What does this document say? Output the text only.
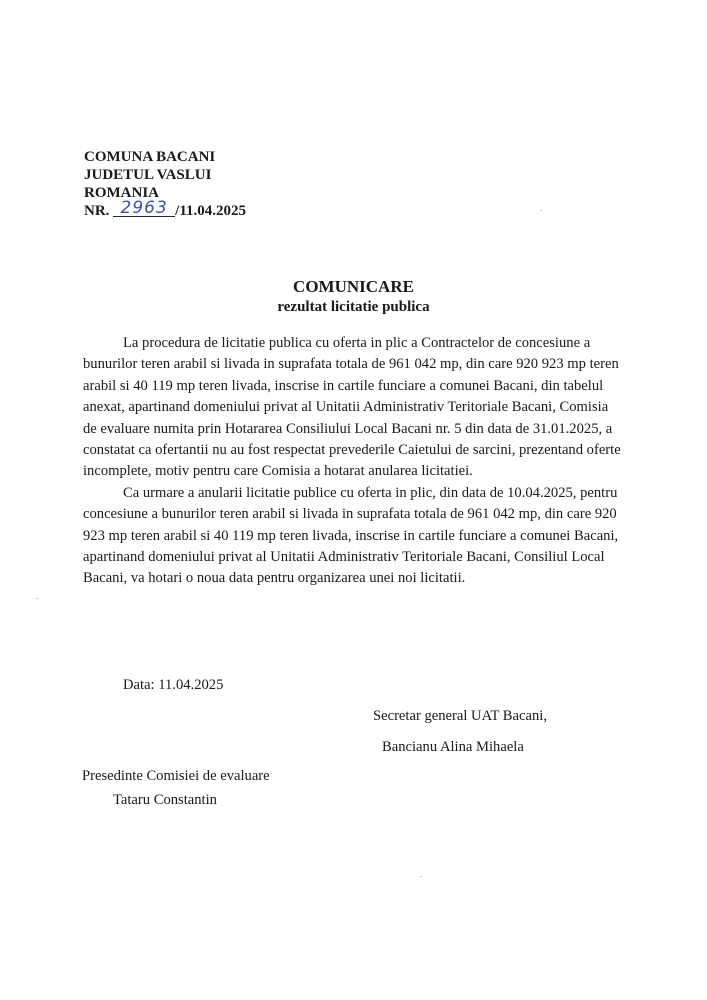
COMUNA BACANI
JUDETUL VASLUI
ROMANIA
NR. 2963 /11.04.2025
COMUNICARE
rezultat licitatie publica

La procedura de licitatie publica cu oferta in plic a Contractelor de concesiune a bunurilor teren arabil si livada in suprafata totala de 961 042 mp, din care 920 923 mp teren arabil si 40 119 mp teren livada, inscrise in cartile funciare a comunei Bacani, din tabelul anexat, apartinand domeniului privat al Unitatii Administrativ Teritoriale Bacani, Comisia de evaluare numita prin Hotararea Consiliului Local Bacani nr. 5 din data de 31.01.2025, a constatat ca ofertantii nu au fost respectat prevederile Caietului de sarcini, prezentand oferte incomplete, motiv pentru care Comisia a hotarat anularea licitatiei.

Ca urmare a anularii licitatie publice cu oferta in plic, din data de 10.04.2025, pentru concesiune a bunurilor teren arabil si livada in suprafata totala de 961 042 mp, din care 920 923 mp teren arabil si 40 119 mp teren livada, inscrise in cartile funciare a comunei Bacani, apartinand domeniului privat al Unitatii Administrativ Teritoriale Bacani, Consiliul Local Bacani, va hotari o noua data pentru organizarea unei noi licitatii.

Data: 11.04.2025
Secretar general UAT Bacani,
Bancianu Alina Mihaela
Presedinte Comisiei de evaluare
Tataru Constantin
